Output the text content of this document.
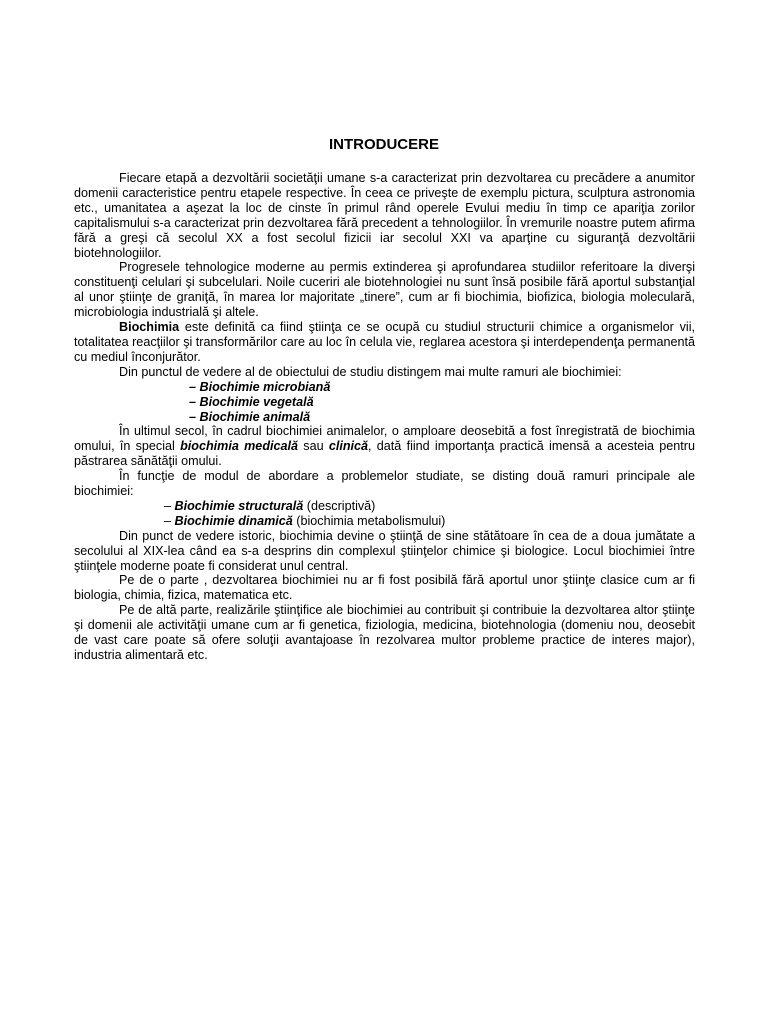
INTRODUCERE

Fiecare etapă a dezvoltării societăţii umane s-a caracterizat prin dezvoltarea cu precădere a anumitor domenii caracteristice pentru etapele respective. În ceea ce priveşte de exemplu pictura, sculptura astronomia etc., umanitatea a aşezat la loc de cinste în primul rând operele Evului mediu în timp ce apariţia zorilor capitalismului s-a caracterizat prin dezvoltarea fără precedent a tehnologiilor. În vremurile noastre putem afirma fără a greşi că secolul XX a fost secolul fizicii iar secolul XXI va aparţine cu siguranţă dezvoltării biotehnologiilor.

Progresele tehnologice moderne au permis extinderea şi aprofundarea studiilor referitoare la diverşi constituenţi celulari şi subcelulari. Noile cuceriri ale biotehnologiei nu sunt însă posibile fără aportul substanţial al unor ştiinţe de graniţă, în marea lor majoritate „tinere”, cum ar fi biochimia, biofizica, biologia moleculară, microbiologia industrială şi altele.

Biochimia este definită ca fiind ştiinţa ce se ocupă cu studiul structurii chimice a organismelor vii, totalitatea reacţiilor şi transformărilor care au loc în celula vie, reglarea acestora şi interdependenţa permanentă cu mediul înconjurător.

Din punctul de vedere al de obiectului de studiu distingem mai multe ramuri ale biochimiei:

– Biochimie microbiană

– Biochimie vegetală

– Biochimie animală

În ultimul secol, în cadrul biochimiei animalelor, o amploare deosebită a fost înregistrată de biochimia omului, în special biochimia medicală sau clinică, dată fiind importanţa practică imensă a acesteia pentru păstrarea sănătăţii omului.

În funcţie de modul de abordare a problemelor studiate, se disting două ramuri principale ale biochimiei:

– Biochimie structurală (descriptivă)

– Biochimie dinamică (biochimia metabolismului)

Din punct de vedere istoric, biochimia devine o ştiinţă de sine stătătoare în cea de a doua jumătate a secolului al XIX-lea când ea s-a desprins din complexul ştiinţelor chimice şi biologice. Locul biochimiei între ştiinţele moderne poate fi considerat unul central.

Pe de o parte , dezvoltarea biochimiei nu ar fi fost posibilă fără aportul unor ştiinţe clasice cum ar fi biologia, chimia, fizica, matematica etc.

Pe de altă parte, realizările ştiinţifice ale biochimiei au contribuit şi contribuie la dezvoltarea altor ştiinţe şi domenii ale activităţii umane cum ar fi genetica, fiziologia, medicina, biotehnologia (domeniu nou, deosebit de vast care poate să ofere soluţii avantajoase în rezolvarea multor probleme practice de interes major), industria alimentară etc.
